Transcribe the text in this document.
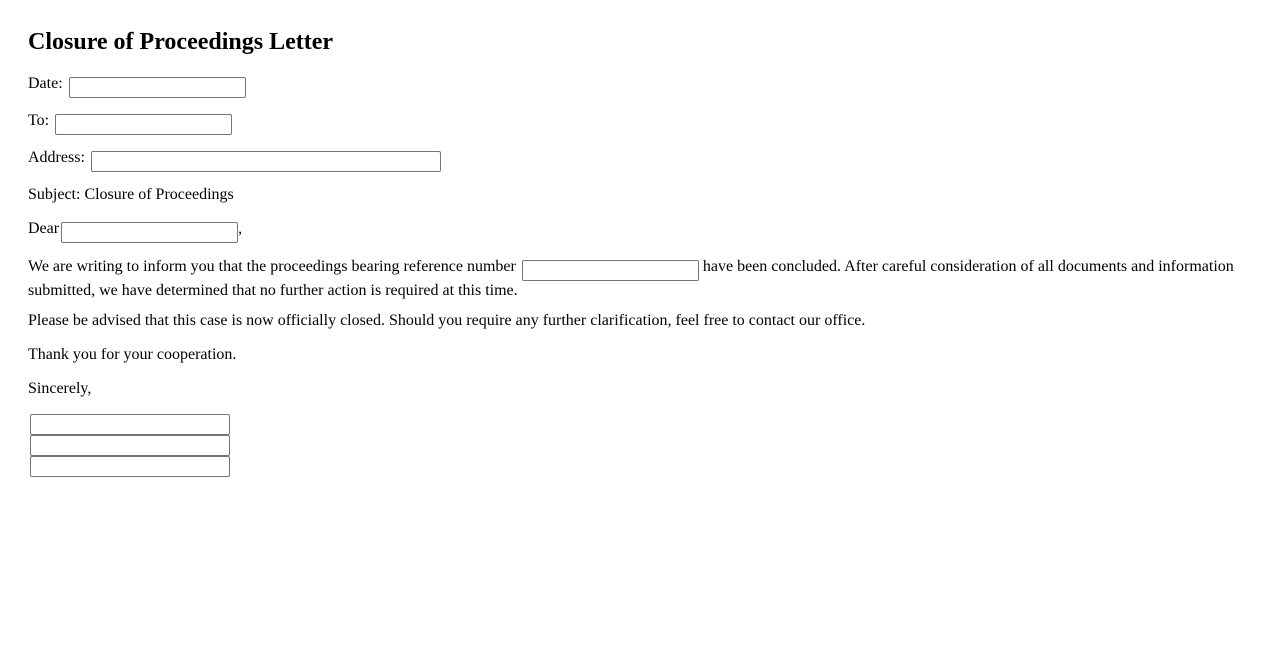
Closure of Proceedings Letter
Date:
To:
Address:
Subject: Closure of Proceedings
Dear	,
We are writing to inform you that the proceedings bearing reference number	have been concluded. After careful consideration of all documents and information submitted, we have determined that no further action is required at this time.
Please be advised that this case is now officially closed. Should you require any further clarification, feel free to contact our office.
Thank you for your cooperation.
Sincerely,
